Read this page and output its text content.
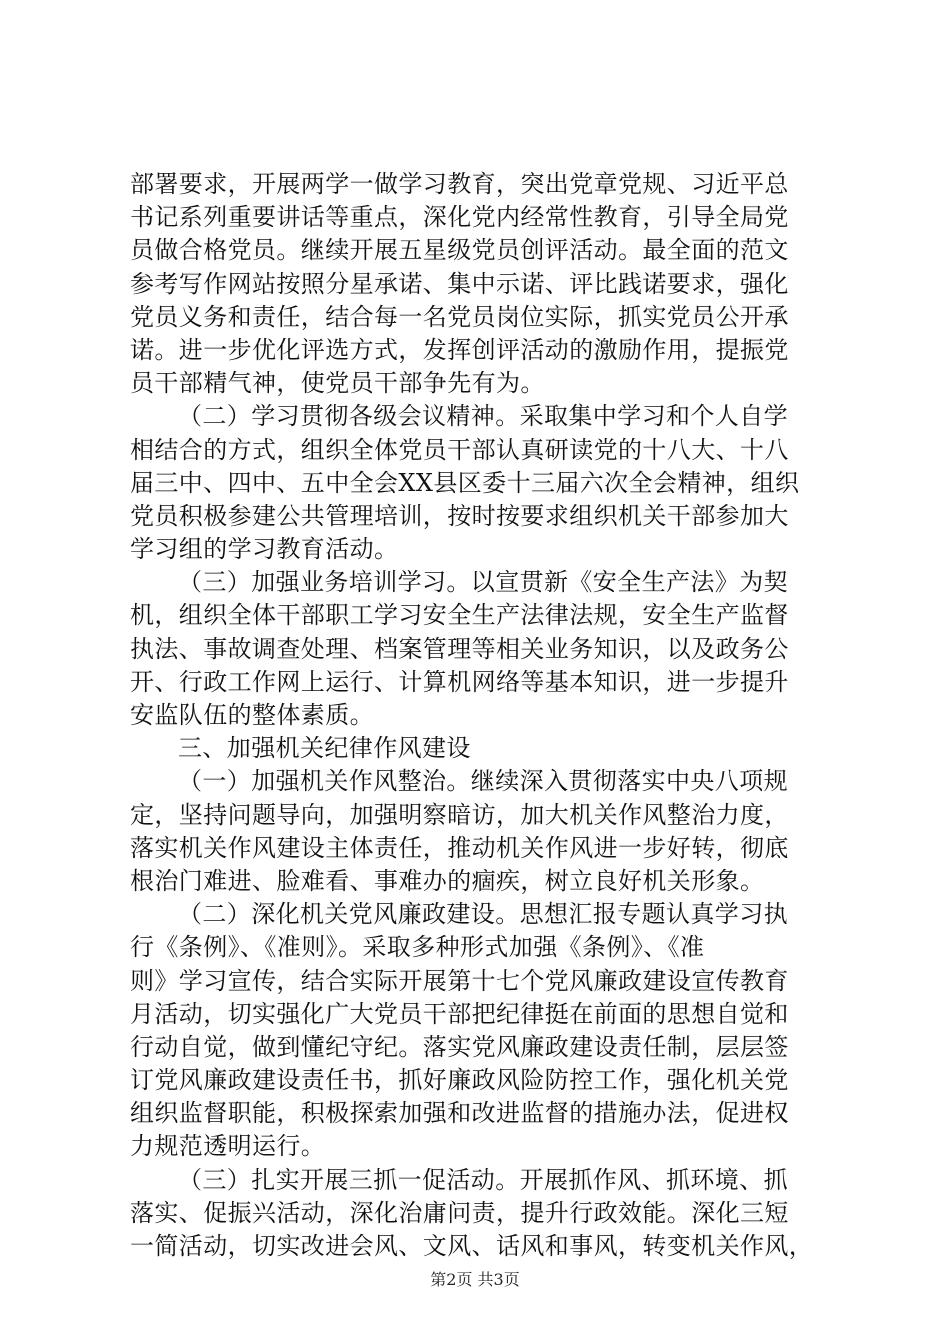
部署要求，开展两学一做学习教育，突出党章党规、习近平总
书记系列重要讲话等重点，深化党内经常性教育，引导全局党
员做合格党员。继续开展五星级党员创评活动。最全面的范文
参考写作网站按照分星承诺、集中示诺、评比践诺要求，强化
党员义务和责任，结合每一名党员岗位实际，抓实党员公开承
诺。进一步优化评选方式，发挥创评活动的激励作用，提振党
员干部精气神，使党员干部争先有为。
（二）学习贯彻各级会议精神。采取集中学习和个人自学
相结合的方式，组织全体党员干部认真研读党的十八大、十八
届三中、四中、五中全会XX县区委十三届六次全会精神，组织
党员积极参建公共管理培训，按时按要求组织机关干部参加大
学习组的学习教育活动。
（三）加强业务培训学习。以宣贯新《安全生产法》为契
机，组织全体干部职工学习安全生产法律法规，安全生产监督
执法、事故调查处理、档案管理等相关业务知识，以及政务公
开、行政工作网上运行、计算机网络等基本知识，进一步提升
安监队伍的整体素质。
三、加强机关纪律作风建设
（一）加强机关作风整治。继续深入贯彻落实中央八项规
定，坚持问题导向，加强明察暗访，加大机关作风整治力度，
落实机关作风建设主体责任，推动机关作风进一步好转，彻底
根治门难进、脸难看、事难办的痼疾，树立良好机关形象。
（二）深化机关党风廉政建设。思想汇报专题认真学习执
行《条例》、《准则》。采取多种形式加强《条例》、《准
则》学习宣传，结合实际开展第十七个党风廉政建设宣传教育
月活动，切实强化广大党员干部把纪律挺在前面的思想自觉和
行动自觉，做到懂纪守纪。落实党风廉政建设责任制，层层签
订党风廉政建设责任书，抓好廉政风险防控工作，强化机关党
组织监督职能，积极探索加强和改进监督的措施办法，促进权
力规范透明运行。
（三）扎实开展三抓一促活动。开展抓作风、抓环境、抓
落实、促振兴活动，深化治庸问责，提升行政效能。深化三短
一简活动，切实改进会风、文风、话风和事风，转变机关作风，
第2页 共3页
